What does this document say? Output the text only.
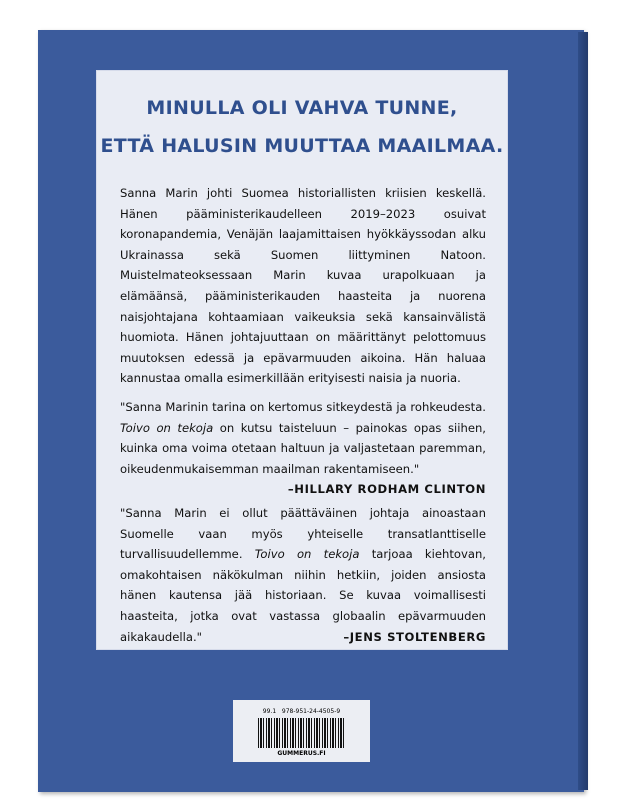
MINULLA OLI VAHVA TUNNE,
ETTÄ HALUSIN MUUTTAA MAAILMAA.
Sanna Marin johti Suomea historiallisten kriisien keskellä. Hänen pääministerikaudelleen 2019–2023 osuivat koronapandemia, Venäjän laajamittaisen hyökkäyssodan alku Ukrainassa sekä Suomen liittyminen Natoon. Muistelmateoksessaan Marin kuvaa urapolkuaan ja elämäänsä, pääministerikauden haasteita ja nuorena naisjohtajana kohtaamiaan vaikeuksia sekä kansainvälistä huomiota. Hänen johtajuuttaan on määrittänyt pelottomuus muutoksen edessä ja epävarmuuden aikoina. Hän haluaa kannustaa omalla esimerkillään erityisesti naisia ja nuoria.
"Sanna Marinin tarina on kertomus sitkeydestä ja rohkeudesta. Toivo on tekoja on kutsu taisteluun – painokas opas siihen, kuinka oma voima otetaan haltuun ja valjastetaan paremman, oikeudenmukaisemman maailman rakentamiseen."
–HILLARY RODHAM CLINTON
"Sanna Marin ei ollut päättäväinen johtaja ainoastaan Suomelle vaan myös yhteiselle transatlanttiselle turvallisuudellemme. Toivo on tekoja tarjoaa kiehtovan, omakohtaisen näkökulman niihin hetkiin, joiden ansiosta hänen kautensa jää historiaan. Se kuvaa voimallisesti haasteita, jotka ovat vastassa globaalin epävarmuuden aikakaudella."	–JENS STOLTENBERG
99.1 978-951-24-4505-9
GUMMERUS.FI
